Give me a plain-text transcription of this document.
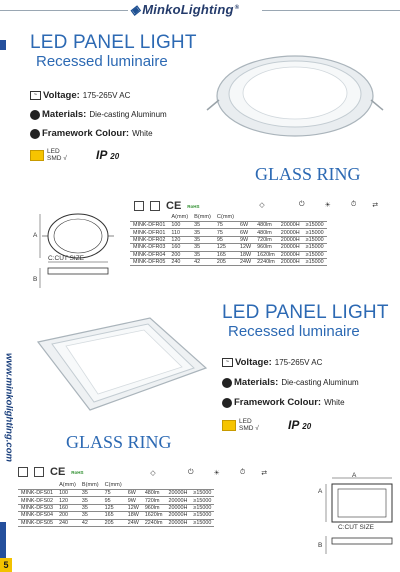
◈ MinkoLighting®
www.minkolighting.com
5
LED PANEL LIGHT
Recessed luminaire
~ Voltage: 175-265V AC
Materials: Die-casting Aluminum
Framework Colour: White
LED
SMD √ IP 20
GLASS RING
CE RoHS	◇	⏻	☀	⏱ ⇄
	A(mm)	B(mm)	C(mm)				
MINK-DFR01	100	35	75	6W	480lm	20000H	≥15000
MINK-DFR01	110	35	75	6W	480lm	20000H	≥15000
MINK-DFR02	120	35	95	9W	720lm	20000H	≥15000
MINK-DFR03	160	35	125	12W	960lm	20000H	≥15000
MINK-DFR04	200	35	165	18W	1620lm	20000H	≥15000
MINK-DFR05	240	42	205	24W	2240lm	20000H	≥15000
C:CUT SIZE
A
B
LED PANEL LIGHT
Recessed luminaire
~ Voltage: 175-265V AC
Materials: Die-casting Aluminum
Framework Colour: White
LED
SMD √ IP 20
GLASS RING
CE RoHS	◇	⏻	☀	⏱ ⇄
	A(mm)	B(mm)	C(mm)				
MINK-DFS01	100	35	75	6W	480lm	20000H	≥15000
MINK-DFS02	120	35	95	9W	720lm	20000H	≥15000
MINK-DFS03	160	35	125	12W	960lm	20000H	≥15000
MINK-DFS04	200	35	165	18W	1620lm	20000H	≥15000
MINK-DFS05	240	42	205	24W	2240lm	20000H	≥15000
A
A
C:CUT SIZE
B
